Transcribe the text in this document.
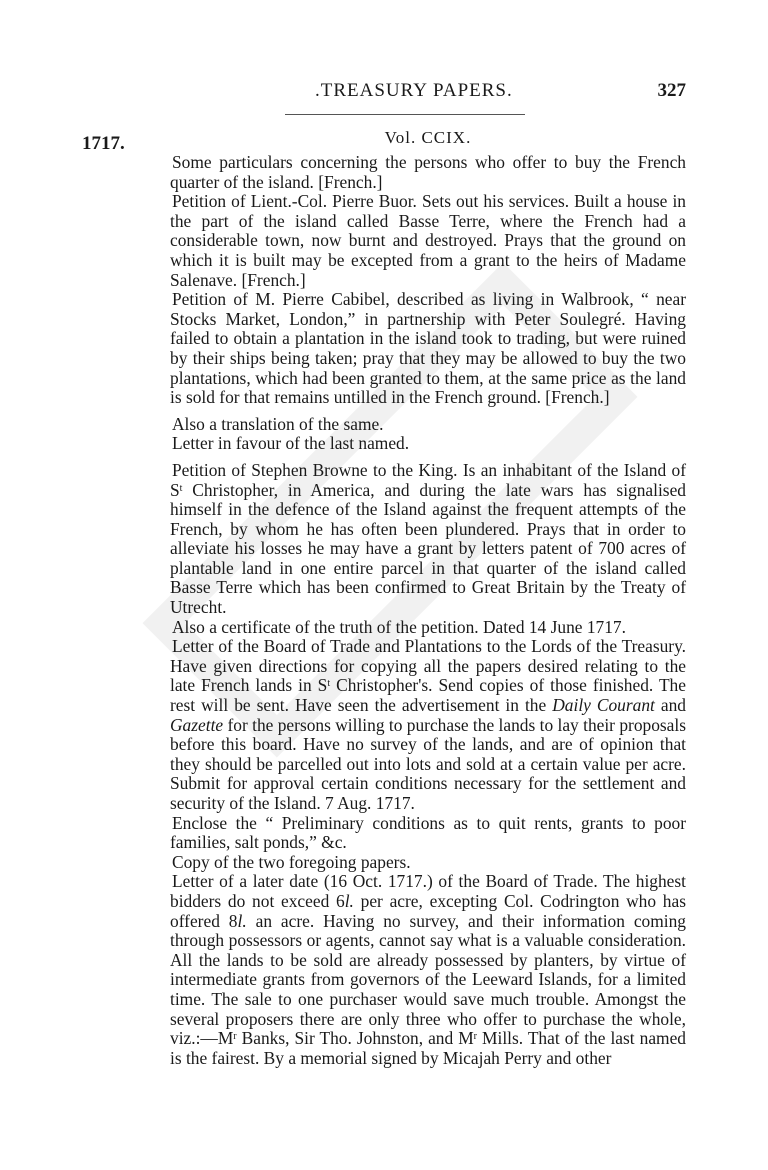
.TREASURY PAPERS.	327
1717.	Vol. CCIX.

Some particulars concerning the persons who offer to buy the French quarter of the island. [French.]

Petition of Lient.-Col. Pierre Buor. Sets out his services. Built a house in the part of the island called Basse Terre, where the French had a considerable town, now burnt and destroyed. Prays that the ground on which it is built may be excepted from a grant to the heirs of Madame Salenave. [French.]

Petition of M. Pierre Cabibel, described as living in Walbrook, “ near Stocks Market, London,” in partnership with Peter Soulegré. Having failed to obtain a plantation in the island took to trading, but were ruined by their ships being taken; pray that they may be allowed to buy the two plantations, which had been granted to them, at the same price as the land is sold for that remains untilled in the French ground. [French.]

Also a translation of the same.

Letter in favour of the last named.

Petition of Stephen Browne to the King. Is an inhabitant of the Island of $S^t$ Christopher, in America, and during the late wars has signalised himself in the defence of the Island against the frequent attempts of the French, by whom he has often been plundered. Prays that in order to alleviate his losses he may have a grant by letters patent of 700 acres of plantable land in one entire parcel in that quarter of the island called Basse Terre which has been confirmed to Great Britain by the Treaty of Utrecht.

Also a certificate of the truth of the petition. Dated 14 June 1717.

Letter of the Board of Trade and Plantations to the Lords of the Treasury. Have given directions for copying all the papers desired relating to the late French lands in $S^t$ Christopher's. Send copies of those finished. The rest will be sent. Have seen the advertisement in the Daily Courant and Gazette for the persons willing to purchase the lands to lay their proposals before this board. Have no survey of the lands, and are of opinion that they should be parcelled out into lots and sold at a certain value per acre. Submit for approval certain conditions necessary for the settlement and security of the Island. 7 Aug. 1717.

Enclose the “ Preliminary conditions as to quit rents, grants to poor families, salt ponds,” &c.

Copy of the two foregoing papers.

Letter of a later date (16 Oct. 1717.) of the Board of Trade. The highest bidders do not exceed 6l. per acre, excepting Col. Codrington who has offered 8l. an acre. Having no survey, and their information coming through possessors or agents, cannot say what is a valuable consideration. All the lands to be sold are already possessed by planters, by virtue of intermediate grants from governors of the Leeward Islands, for a limited time. The sale to one purchaser would save much trouble. Amongst the several proposers there are only three who offer to purchase the whole, $viz.:—M^r$ Banks, Sir Tho. Johnston, and $M^r$ Mills. That of the last named is the fairest. By a memorial signed by Micajah Perry and other
